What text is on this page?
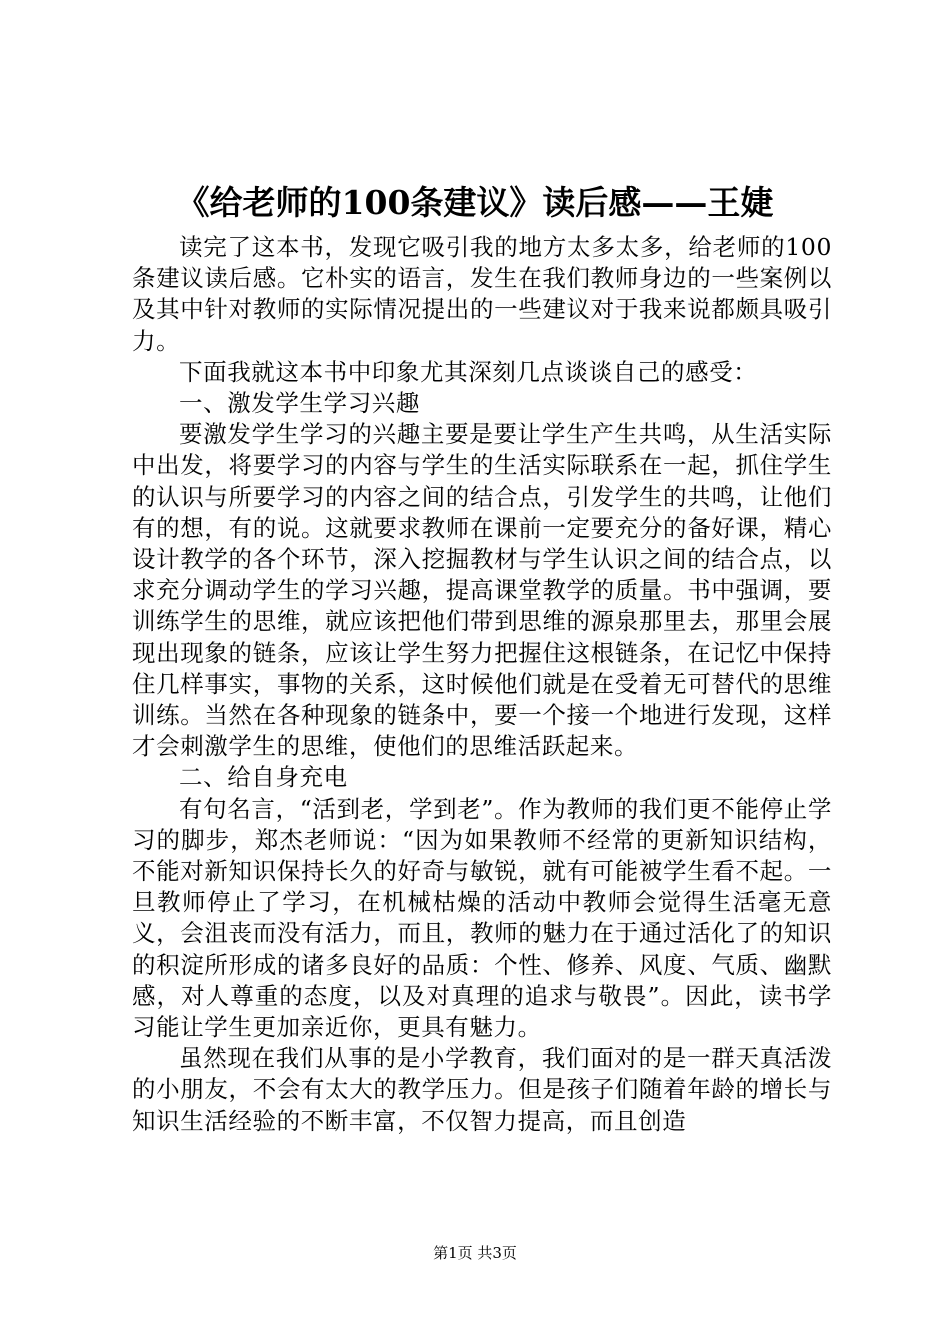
《给老师的100条建议》读后感——王婕

读完了这本书，发现它吸引我的地方太多太多，给老师的100条建议读后感。它朴实的语言，发生在我们教师身边的一些案例以及其中针对教师的实际情况提出的一些建议对于我来说都颇具吸引力。

下面我就这本书中印象尤其深刻几点谈谈自己的感受：

一、激发学生学习兴趣

要激发学生学习的兴趣主要是要让学生产生共鸣，从生活实际中出发，将要学习的内容与学生的生活实际联系在一起，抓住学生的认识与所要学习的内容之间的结合点，引发学生的共鸣，让他们有的想，有的说。这就要求教师在课前一定要充分的备好课，精心设计教学的各个环节，深入挖掘教材与学生认识之间的结合点，以求充分调动学生的学习兴趣，提高课堂教学的质量。书中强调，要训练学生的思维，就应该把他们带到思维的源泉那里去，那里会展现出现象的链条，应该让学生努力把握住这根链条，在记忆中保持住几样事实，事物的关系，这时候他们就是在受着无可替代的思维训练。当然在各种现象的链条中，要一个接一个地进行发现，这样才会刺激学生的思维，使他们的思维活跃起来。

二、给自身充电

有句名言，“活到老，学到老”。作为教师的我们更不能停止学习的脚步，郑杰老师说：“因为如果教师不经常的更新知识结构，不能对新知识保持长久的好奇与敏锐，就有可能被学生看不起。一旦教师停止了学习，在机械枯燥的活动中教师会觉得生活毫无意义，会沮丧而没有活力，而且，教师的魅力在于通过活化了的知识的积淀所形成的诸多良好的品质：个性、修养、风度、气质、幽默感，对人尊重的态度，以及对真理的追求与敬畏”。因此，读书学习能让学生更加亲近你，更具有魅力。

虽然现在我们从事的是小学教育，我们面对的是一群天真活泼的小朋友，不会有太大的教学压力。但是孩子们随着年龄的增长与知识生活经验的不断丰富，不仅智力提高，而且创造

第1页 共3页
